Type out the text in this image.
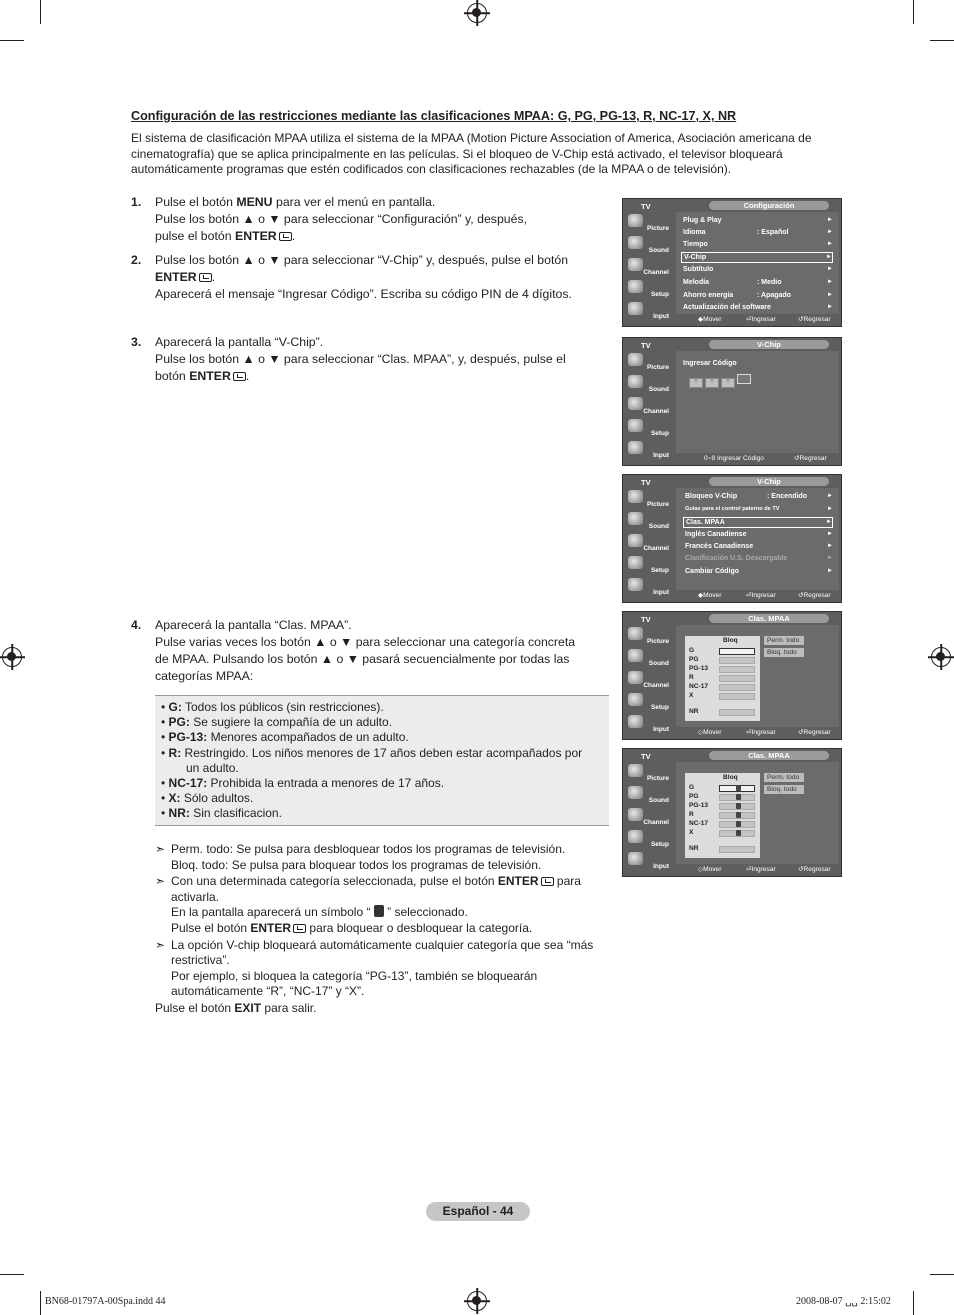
Configuración de las restricciones mediante las clasificaciones MPAA: G, PG, PG-13, R, NC-17, X, NR
El sistema de clasificación MPAA utiliza el sistema de la MPAA (Motion Picture Association of America, Asociación americana de cinematografía) que se aplica principalmente en las películas. Si el bloqueo de V-Chip está activado, el televisor bloqueará automáticamente programas que estén codificados con clasificaciones rechazables (de la MPAA o de televisión).
1. Pulse el botón MENU para ver el menú en pantalla.
Pulse los botón ▲ o ▼ para seleccionar “Configuración” y, después,
pulse el botón ENTER .
2. Pulse los botón ▲ o ▼ para seleccionar “V-Chip” y, después, pulse el botón
ENTER .
Aparecerá el mensaje “Ingresar Código”. Escriba su código PIN de 4 dígitos.
3. Aparecerá la pantalla “V-Chip”.
Pulse los botón ▲ o ▼ para seleccionar “Clas. MPAA”, y, después, pulse el
botón ENTER .
4. Aparecerá la pantalla “Clas. MPAA”.
Pulse varias veces los botón ▲ o ▼ para seleccionar una categoría concreta
de MPAA. Pulsando los botón ▲ o ▼ pasará secuencialmente por todas las
categorías MPAA:
• G: Todos los públicos (sin restricciones).
• PG: Se sugiere la compañía de un adulto.
• PG-13: Menores acompañados de un adulto.
• R: Restringido. Los niños menores de 17 años deben estar acompañados por
un adulto.
• NC-17: Prohibida la entrada a menores de 17 años.
• X: Sólo adultos.
• NR: Sin clasificacion.
➣ Perm. todo: Se pulsa para desbloquear todos los programas de televisión.
Bloq. todo: Se pulsa para bloquear todos los programas de televisión.
➣ Con una determinada categoría seleccionada, pulse el botón ENTER para
activarla.
En la pantalla aparecerá un símbolo “  ” seleccionado.
Pulse el botón ENTER para bloquear o desbloquear la categoría.
➣ La opción V-chip bloqueará automáticamente cualquier categoría que sea “más
restrictiva”.
Por ejemplo, si bloquea la categoría “PG-13”, también se bloquearán
automáticamente “R”, “NC-17” y “X”.
Pulse el botón EXIT para salir.
TV	Configuración
Picture
Sound
Channel
Setup
Input
Plug & Play	►
Idioma	: Español	►
Tiempo	►
V-Chip	►
Subtítulo	►
Melodía	: Medio	►
Ahorro energía	: Apagado	►
Actualización del software	►
◆ Mover	⏎ Ingresar	↺ Regresar
TV	V-Chip
Picture
Sound
Channel
Setup
Input
Ingresar Código
* * *
0~9 Ingresar Código	↺ Regresar
TV	V-Chip
Picture
Sound
Channel
Setup
Input
Bloqueo V-Chip	: Encendido	►
Guías para el control paterno de TV	►
Clas. MPAA	►
Inglés Canadiense	►
Francés Canadiense	►
Clasificación U.S. Descargable	►
Cambiar Código	►
◆ Mover	⏎ Ingresar	↺ Regresar
TV	Clas. MPAA
Picture
Sound
Channel
Setup
Input
Bloq
G
PG
PG-13
R
NC-17
X
NR
Perm. todo
Bloq. todo
◇ Mover	⏎ Ingresar	↺ Regresar
TV	Clas. MPAA
Picture
Sound
Channel
Setup
Input
Bloq
G
PG
PG-13
R
NC-17
X
NR
Perm. todo
Bloq. todo
◇ Mover	⏎ Ingresar	↺ Regresar
Español - 44
BN68-01797A-00Spa.indd 44	2008-08-07 ␣␣ 2:15:02
